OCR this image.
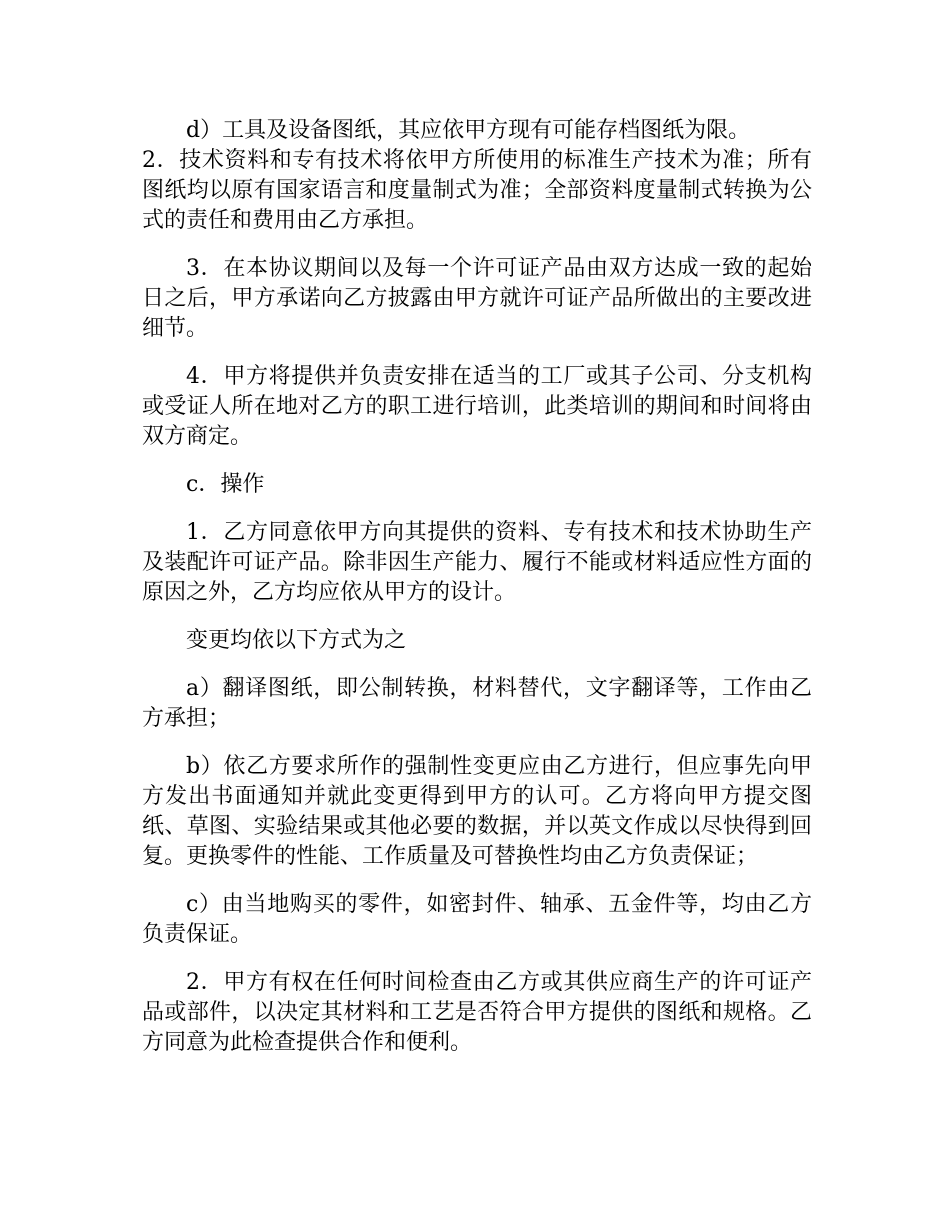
d）工具及设备图纸，其应依甲方现有可能存档图纸为限。

2．技术资料和专有技术将依甲方所使用的标准生产技术为准；所有图纸均以原有国家语言和度量制式为准；全部资料度量制式转换为公式的责任和费用由乙方承担。

3．在本协议期间以及每一个许可证产品由双方达成一致的起始日之后，甲方承诺向乙方披露由甲方就许可证产品所做出的主要改进细节。

4．甲方将提供并负责安排在适当的工厂或其子公司、分支机构或受证人所在地对乙方的职工进行培训，此类培训的期间和时间将由双方商定。

c．操作

1．乙方同意依甲方向其提供的资料、专有技术和技术协助生产及装配许可证产品。除非因生产能力、履行不能或材料适应性方面的原因之外，乙方均应依从甲方的设计。

变更均依以下方式为之

a）翻译图纸，即公制转换，材料替代，文字翻译等，工作由乙方承担；

b）依乙方要求所作的强制性变更应由乙方进行，但应事先向甲方发出书面通知并就此变更得到甲方的认可。乙方将向甲方提交图纸、草图、实验结果或其他必要的数据，并以英文作成以尽快得到回复。更换零件的性能、工作质量及可替换性均由乙方负责保证；

c）由当地购买的零件，如密封件、轴承、五金件等，均由乙方负责保证。

2．甲方有权在任何时间检查由乙方或其供应商生产的许可证产品或部件，以决定其材料和工艺是否符合甲方提供的图纸和规格。乙方同意为此检查提供合作和便利。
